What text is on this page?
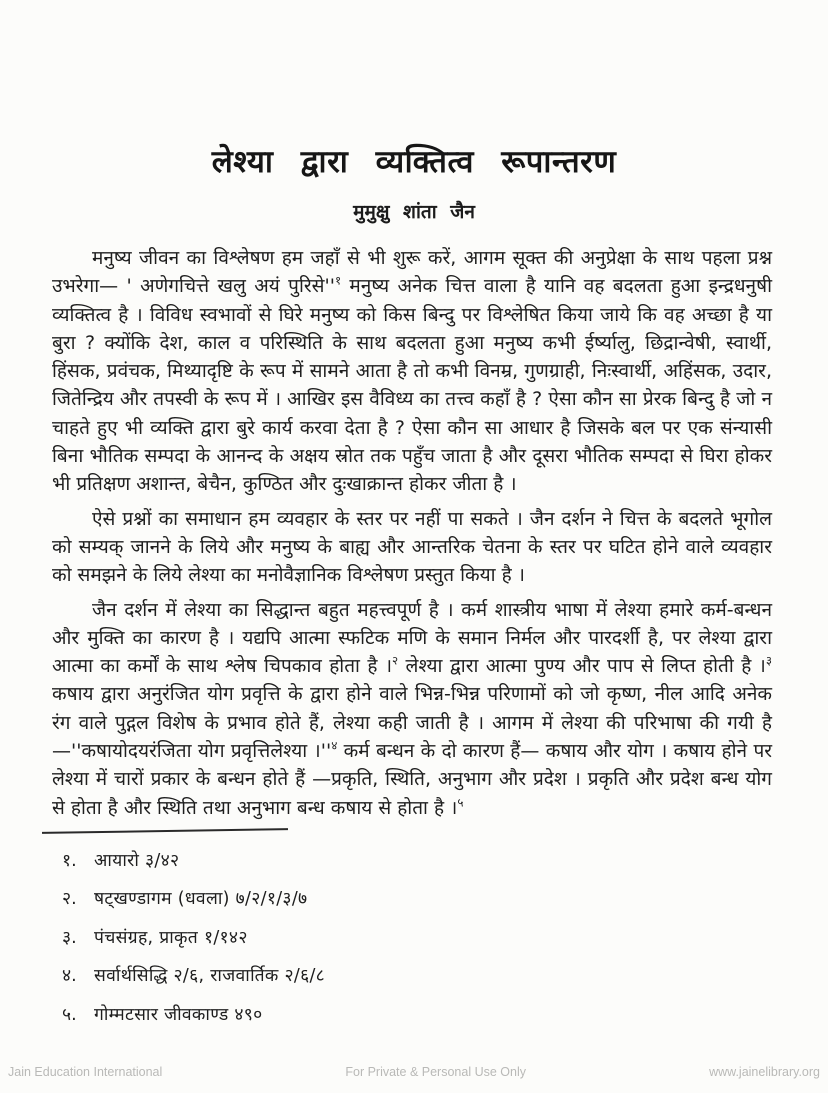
लेश्या द्वारा व्यक्तित्व रूपान्तरण
मुमुक्षु शांता जैन

मनुष्य जीवन का विश्लेषण हम जहाँ से भी शुरू करें, आगम सूक्त की अनुप्रेक्षा के साथ पहला प्रश्न उभरेगा— ' अणेगचित्ते खलु अयं $पुरिसे''^१$ मनुष्य अनेक चित्त वाला है यानि वह बदलता हुआ इन्द्रधनुषी व्यक्तित्व है । विविध स्वभावों से घिरे मनुष्य को किस बिन्दु पर विश्लेषित किया जाये कि वह अच्छा है या बुरा ? क्योंकि देश, काल व परिस्थिति के साथ बदलता हुआ मनुष्य कभी ईर्ष्यालु, छिद्रान्वेषी, स्वार्थी, हिंसक, प्रवंचक, मिथ्यादृष्टि के रूप में सामने आता है तो कभी विनम्र, गुणग्राही, निःस्वार्थी, अहिंसक, उदार, जितेन्द्रिय और तपस्वी के रूप में । आखिर इस वैविध्य का तत्त्व कहाँ है ? ऐसा कौन सा प्रेरक बिन्दु है जो न चाहते हुए भी व्यक्ति द्वारा बुरे कार्य करवा देता है ? ऐसा कौन सा आधार है जिसके बल पर एक संन्यासी बिना भौतिक सम्पदा के आनन्द के अक्षय स्रोत तक पहुँच जाता है और दूसरा भौतिक सम्पदा से घिरा होकर भी प्रतिक्षण अशान्त, बेचैन, कुण्ठित और दुःखाक्रान्त होकर जीता है ।

ऐसे प्रश्नों का समाधान हम व्यवहार के स्तर पर नहीं पा सकते । जैन दर्शन ने चित्त के बदलते भूगोल को सम्यक् जानने के लिये और मनुष्य के बाह्य और आन्तरिक चेतना के स्तर पर घटित होने वाले व्यवहार को समझने के लिये लेश्या का मनोवैज्ञानिक विश्लेषण प्रस्तुत किया है ।

जैन दर्शन में लेश्या का सिद्धान्त बहुत महत्त्वपूर्ण है । कर्म शास्त्रीय भाषा में लेश्या हमारे कर्म-बन्धन और मुक्ति का कारण है । यद्यपि आत्मा स्फटिक मणि के समान निर्मल और पारदर्शी है, पर लेश्या द्वारा आत्मा का कर्मों के साथ श्लेष चिपकाव होता है ।$^२$ लेश्या द्वारा आत्मा पुण्य और पाप से लिप्त होती है ।$^३$ कषाय द्वारा अनुरंजित योग प्रवृत्ति के द्वारा होने वाले भिन्न-भिन्न परिणामों को जो कृष्ण, नील आदि अनेक रंग वाले पुद्गल विशेष के प्रभाव होते हैं, लेश्या कही जाती है । आगम में लेश्या की परिभाषा की गयी है—''कषायोदयरंजिता योग प्रवृत्तिलेश्या $।''^४$ कर्म बन्धन के दो कारण हैं— कषाय और योग । कषाय होने पर लेश्या में चारों प्रकार के बन्धन होते हैं —प्रकृति, स्थिति, अनुभाग और प्रदेश । प्रकृति और प्रदेश बन्ध योग से होता है और स्थिति तथा अनुभाग बन्ध कषाय से होता है ।$^५$

१. आयारो ३/४२
२. षट्खण्डागम (धवला) ७/२/१/३/७
३. पंचसंग्रह, प्राकृत १/१४२
४. सर्वार्थसिद्धि २/६, राजवार्तिक २/६/८
५. गोम्मटसार जीवकाण्ड ४९०
Jain Education International	For Private & Personal Use Only	www.jainelibrary.org
